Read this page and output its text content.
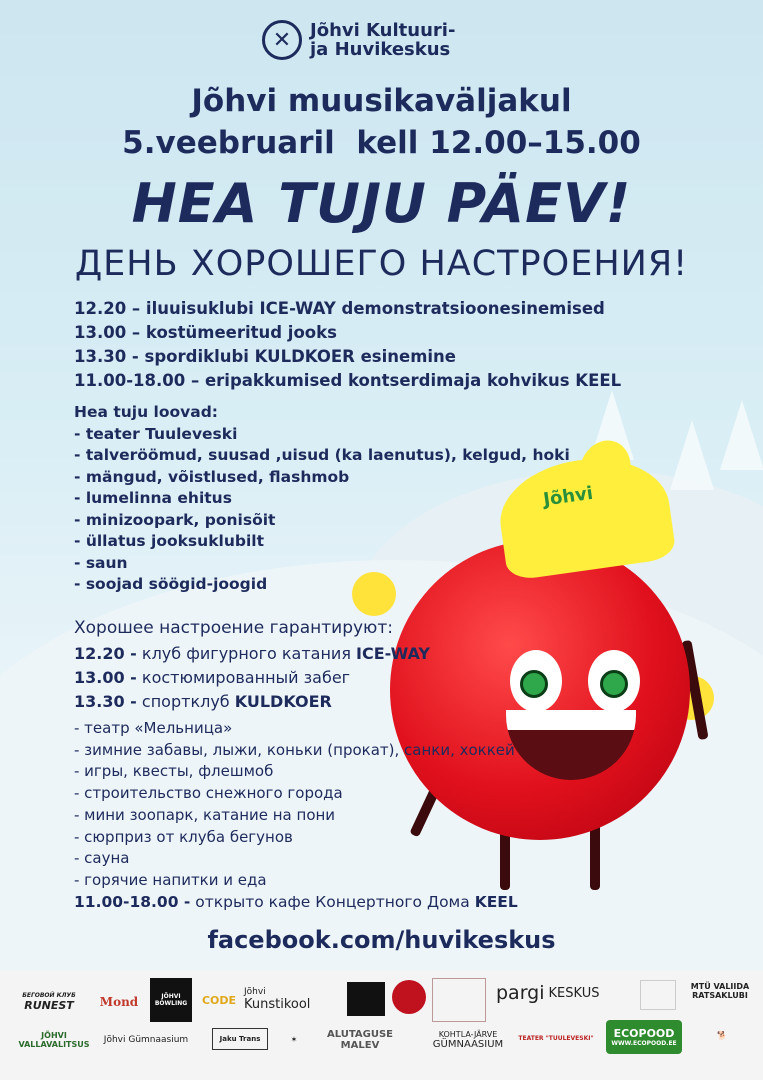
✕	Jõhvi Kultuuri-
ja Huvikeskus
Jõhvi muusikaväljakul
5.veebruaril  kell 12.00–15.00
HEA TUJU PÄEV!
ДЕНЬ ХОРОШЕГО НАСТРОЕНИЯ!
Jõhvi
12.20 – iluuisuklubi ICE-WAY demonstratsioonesinemised
13.00 – kostümeeritud jooks
13.30 - spordiklubi KULDKOER esinemine
11.00-18.00 – eripakkumised kontserdimaja kohvikus KEEL
Hea tuju loovad:
- teater Tuuleveski
- talveröömud, suusad ,uisud (ka laenutus), kelgud, hoki
- mängud, võistlused, flashmob
- lumelinna ehitus
- minizoopark, ponisõit
- üllatus jooksuklubilt
- saun
- soojad söögid-joogid
Хорошее настроение гарантируют:
12.20 - клуб фигурного катания ICE-WAY
13.00 - костюмированный забег
13.30 - спортклуб KULDKOER
- театр «Мельница»
- зимние забавы, лыжи, коньки (прокат), санки, хоккей
- игры, квесты, флешмоб
- строительство снежного города
- мини зоопарк, катание на пони
- сюрприз от клуба бегунов
- сауна
- горячие напитки и еда
11.00-18.00 - открыто кафе Концертного Дома KEEL
facebook.com/huvikeskus
БЕГОВОЙ КЛУБ
RUNEST	Mond	JÕHVI BOWLING	CODE
Jõhvi
Kunstikool	pargi KESKUS	MTÜ VALIIDA RATSAKLUBI
JÕHVI
VALLAVALITSUS	Jõhvi Gümnaasium	Jaku Trans	✶	ALUTAGUSE MALEV
KOHTLA-JÄRVE
GÜMNAASIUM
TEATER "TUULEVESKI" ECOPOOD
WWW.ECOPOOD.EE
🐕
